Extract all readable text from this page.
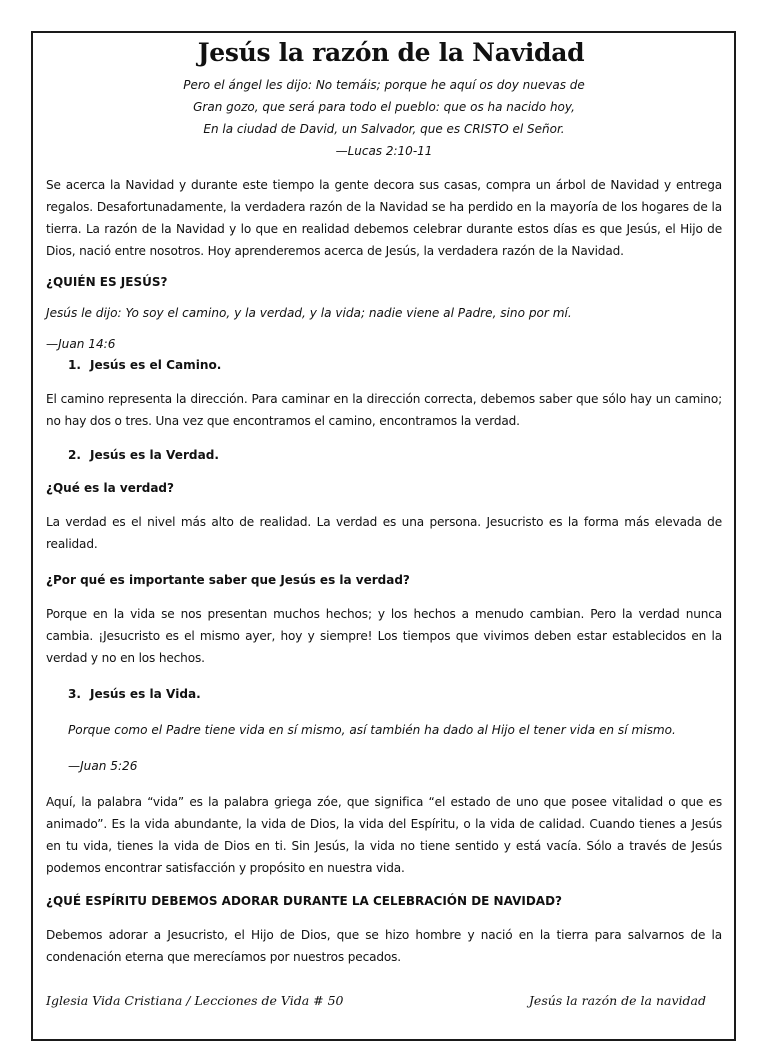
Jesús la razón de la Navidad
Pero el ángel les dijo: No temáis; porque he aquí os doy nuevas de
Gran gozo, que será para todo el pueblo: que os ha nacido hoy,
En la ciudad de David, un Salvador, que es CRISTO el Señor.
—Lucas 2:10-11

Se acerca la Navidad y durante este tiempo la gente decora sus casas, compra un árbol de Navidad y entrega regalos. Desafortunadamente, la verdadera razón de la Navidad se ha perdido en la mayoría de los hogares de la tierra. La razón de la Navidad y lo que en realidad debemos celebrar durante estos días es que Jesús, el Hijo de Dios, nació entre nosotros. Hoy aprenderemos acerca de Jesús, la verdadera razón de la Navidad.

¿QUIÉN ES JESÚS?

Jesús le dijo: Yo soy el camino, y la verdad, y la vida; nadie viene al Padre, sino por mí.

—Juan 14:6

1. Jesús es el Camino.

El camino representa la dirección. Para caminar en la dirección correcta, debemos saber que sólo hay un camino; no hay dos o tres. Una vez que encontramos el camino, encontramos la verdad.

2. Jesús es la Verdad.

¿Qué es la verdad?

La verdad es el nivel más alto de realidad. La verdad es una persona. Jesucristo es la forma más elevada de realidad.

¿Por qué es importante saber que Jesús es la verdad?

Porque en la vida se nos presentan muchos hechos; y los hechos a menudo cambian. Pero la verdad nunca cambia. ¡Jesucristo es el mismo ayer, hoy y siempre! Los tiempos que vivimos deben estar establecidos en la verdad y no en los hechos.

3. Jesús es la Vida.

Porque como el Padre tiene vida en sí mismo, así también ha dado al Hijo el tener vida en sí mismo.

—Juan 5:26

Aquí, la palabra “vida” es la palabra griega zóe, que significa “el estado de uno que posee vitalidad o que es animado”. Es la vida abundante, la vida de Dios, la vida del Espíritu, o la vida de calidad. Cuando tienes a Jesús en tu vida, tienes la vida de Dios en ti. Sin Jesús, la vida no tiene sentido y está vacía. Sólo a través de Jesús podemos encontrar satisfacción y propósito en nuestra vida.

¿QUÉ ESPÍRITU DEBEMOS ADORAR DURANTE LA CELEBRACIÓN DE NAVIDAD?

Debemos adorar a Jesucristo, el Hijo de Dios, que se hizo hombre y nació en la tierra para salvarnos de la condenación eterna que merecíamos por nuestros pecados.

Iglesia Vida Cristiana / Lecciones de Vida # 50	Jesús la razón de la navidad
